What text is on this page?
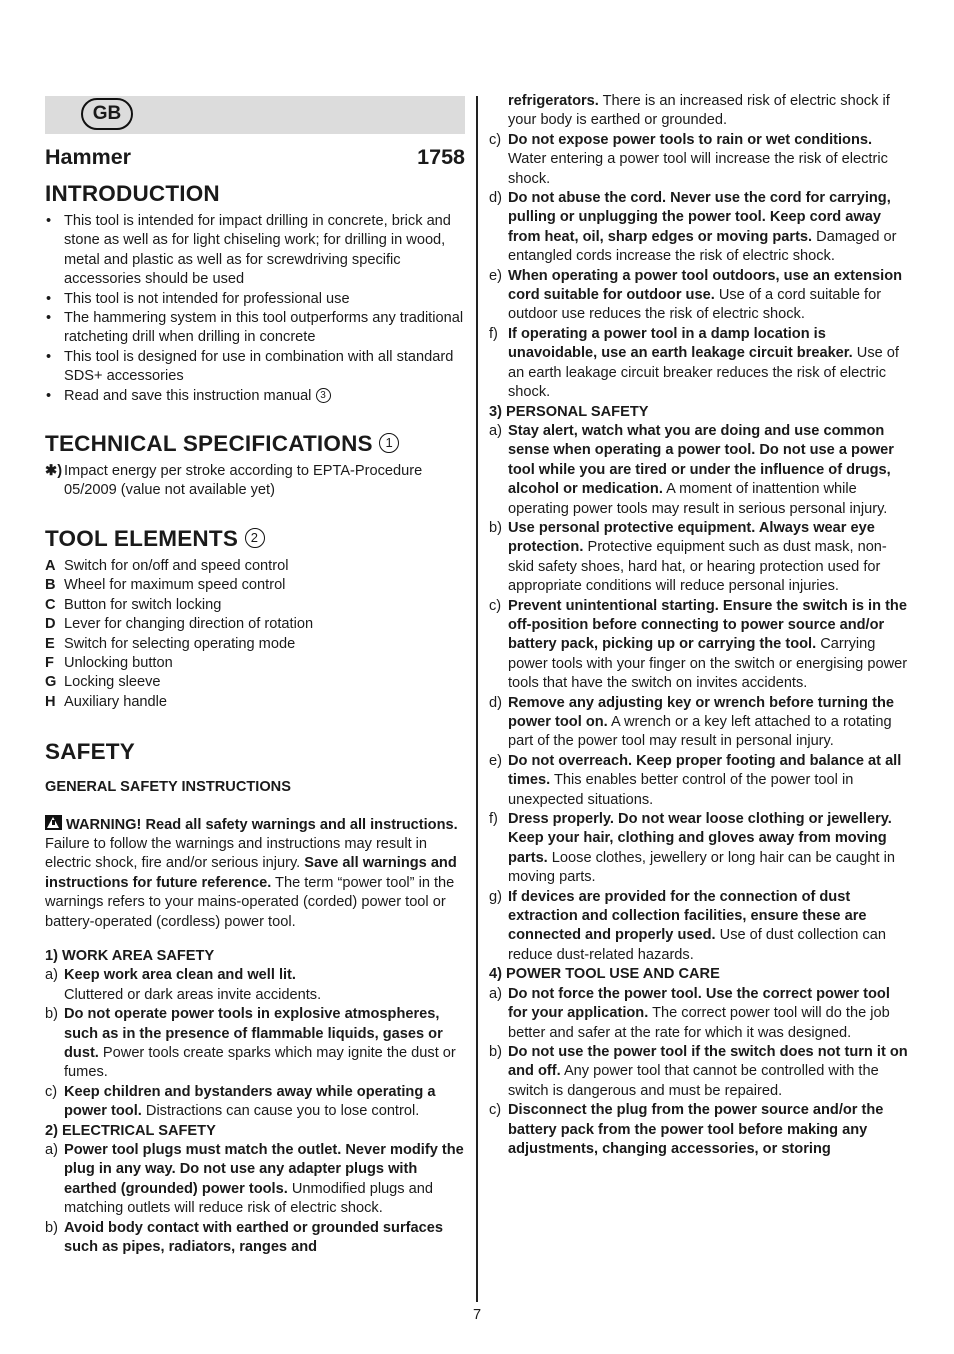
GB
Hammer	1758
INTRODUCTION
• This tool is intended for impact drilling in concrete, brick and stone as well as for light chiseling work; for drilling in wood, metal and plastic as well as for screwdriving specific accessories should be used
• This tool is not intended for professional use
• The hammering system in this tool outperforms any traditional ratcheting drill when drilling in concrete
• This tool is designed for use in combination with all standard SDS+ accessories
• Read and save this instruction manual 3
TECHNICAL SPECIFICATIONS 1
✱) Impact energy per stroke according to EPTA-Procedure 05/2009 (value not available yet)
TOOL ELEMENTS 2
A Switch for on/off and speed control
B Wheel for maximum speed control
C Button for switch locking
D Lever for changing direction of rotation
E Switch for selecting operating mode
F Unlocking button
G Locking sleeve
H Auxiliary handle
SAFETY
GENERAL SAFETY INSTRUCTIONS

WARNING! Read all safety warnings and all instructions. Failure to follow the warnings and instructions may result in electric shock, fire and/or serious injury. Save all warnings and instructions for future reference. The term “power tool” in the warnings refers to your mains-operated (corded) power tool or battery-operated (cordless) power tool.

1) WORK AREA SAFETY
a) Keep work area clean and well lit.
Cluttered or dark areas invite accidents.
b) Do not operate power tools in explosive atmospheres, such as in the presence of flammable liquids, gases or dust. Power tools create sparks which may ignite the dust or fumes.
c) Keep children and bystanders away while operating a power tool. Distractions can cause you to lose control.
2) ELECTRICAL SAFETY
a) Power tool plugs must match the outlet. Never modify the plug in any way. Do not use any adapter plugs with earthed (grounded) power tools. Unmodified plugs and matching outlets will reduce risk of electric shock.
b) Avoid body contact with earthed or grounded surfaces such as pipes, radiators, ranges and
refrigerators. There is an increased risk of electric shock if your body is earthed or grounded.
c) Do not expose power tools to rain or wet conditions. Water entering a power tool will increase the risk of electric shock.
d) Do not abuse the cord. Never use the cord for carrying, pulling or unplugging the power tool. Keep cord away from heat, oil, sharp edges or moving parts. Damaged or entangled cords increase the risk of electric shock.
e) When operating a power tool outdoors, use an extension cord suitable for outdoor use. Use of a cord suitable for outdoor use reduces the risk of electric shock.
f) If operating a power tool in a damp location is unavoidable, use an earth leakage circuit breaker. Use of an earth leakage circuit breaker reduces the risk of electric shock.
3) PERSONAL SAFETY
a) Stay alert, watch what you are doing and use common sense when operating a power tool. Do not use a power tool while you are tired or under the influence of drugs, alcohol or medication. A moment of inattention while operating power tools may result in serious personal injury.
b) Use personal protective equipment. Always wear eye protection. Protective equipment such as dust mask, non-skid safety shoes, hard hat, or hearing protection used for appropriate conditions will reduce personal injuries.
c) Prevent unintentional starting. Ensure the switch is in the off-position before connecting to power source and/or battery pack, picking up or carrying the tool. Carrying power tools with your finger on the switch or energising power tools that have the switch on invites accidents.
d) Remove any adjusting key or wrench before turning the power tool on. A wrench or a key left attached to a rotating part of the power tool may result in personal injury.
e) Do not overreach. Keep proper footing and balance at all times. This enables better control of the power tool in unexpected situations.
f) Dress properly. Do not wear loose clothing or jewellery. Keep your hair, clothing and gloves away from moving parts. Loose clothes, jewellery or long hair can be caught in moving parts.
g) If devices are provided for the connection of dust extraction and collection facilities, ensure these are connected and properly used. Use of dust collection can reduce dust-related hazards.
4) POWER TOOL USE AND CARE
a) Do not force the power tool. Use the correct power tool for your application. The correct power tool will do the job better and safer at the rate for which it was designed.
b) Do not use the power tool if the switch does not turn it on and off. Any power tool that cannot be controlled with the switch is dangerous and must be repaired.
c) Disconnect the plug from the power source and/or the battery pack from the power tool before making any adjustments, changing accessories, or storing
7
